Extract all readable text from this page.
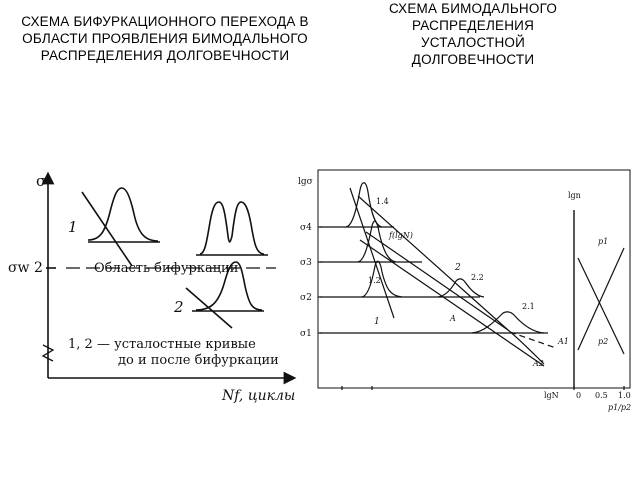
СХЕМА БИФУРКАЦИОННОГО ПЕРЕХОДА В ОБЛАСТИ ПРОЯВЛЕНИЯ БИМОДАЛЬНОГО РАСПРЕДЕЛЕНИЯ ДОЛГОВЕЧНОСТИ
СХЕМА БИМОДАЛЬНОГО РАСПРЕДЕЛЕНИЯ УСТАЛОСТНОЙ ДОЛГОВЕЧНОСТИ
σ
σw 2	Область бифуркации
1
2
1, 2 — усталостные кривые
до и после бифуркации
Nf, циклы
lgσ
σ4
σ3
σ2
σ1
1.4
f(lgN)
1.2
2
2.2
2.1
1	A
A1
A2
lgN
lgn
p1
p2
0 0.5 1.0
p1/p2
